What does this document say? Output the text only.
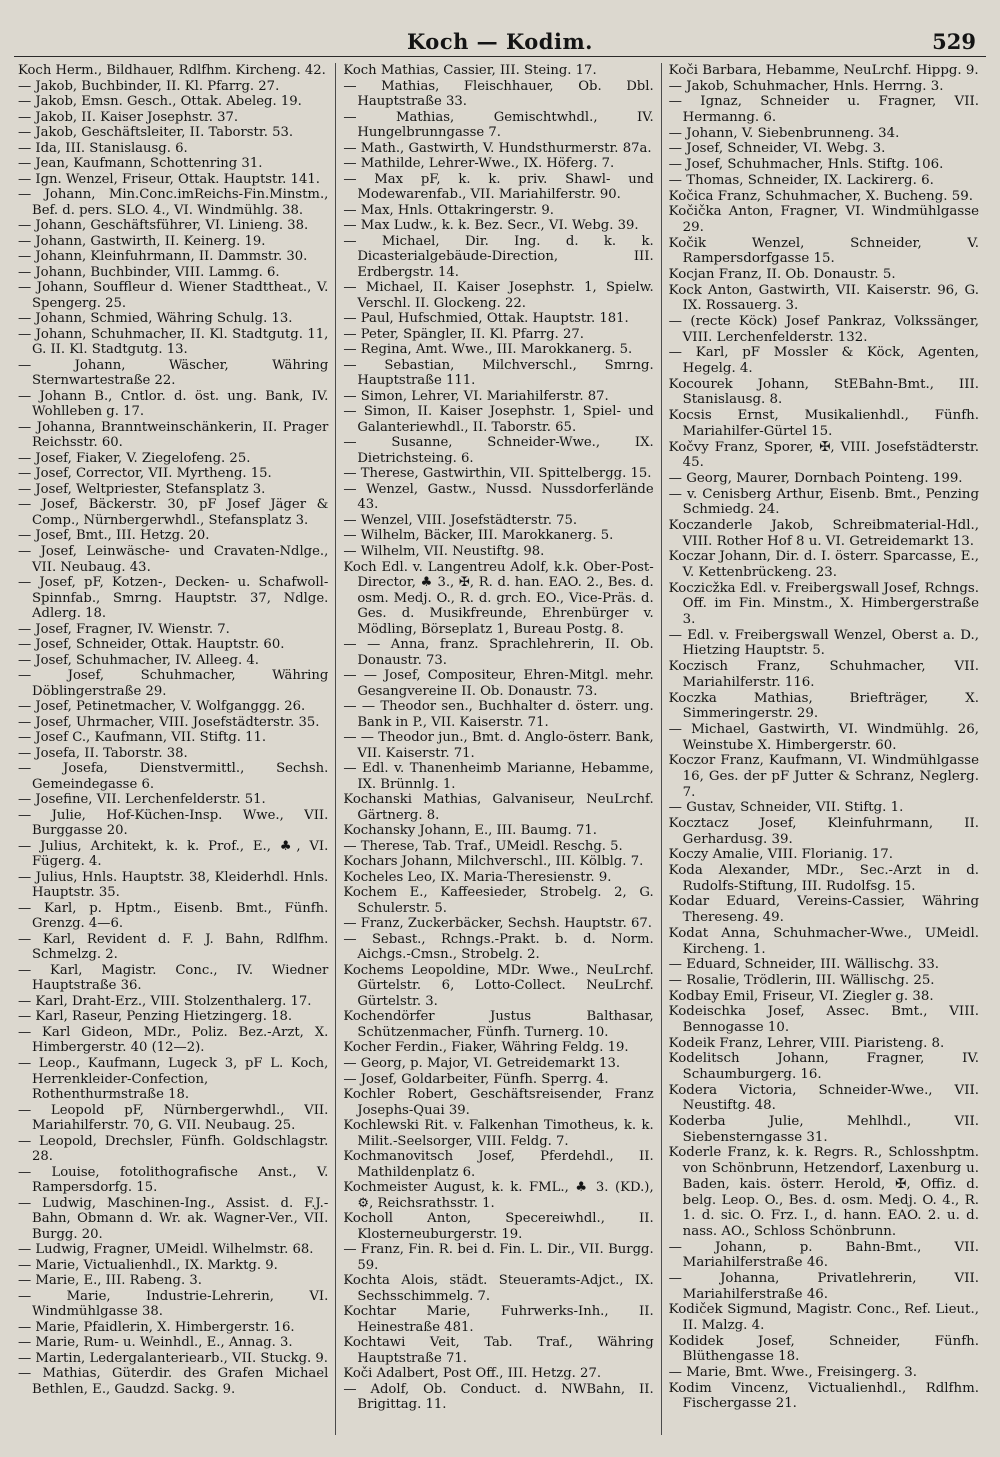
Koch — Kodim.	529

Koch Herm., Bildhauer, Rdlfhm. Kircheng. 42.

— Jakob, Buchbinder, II. Kl. Pfarrg. 27.

— Jakob, Emsn. Gesch., Ottak. Abeleg. 19.

— Jakob, II. Kaiser Josephstr. 37.

— Jakob, Geschäftsleiter, II. Taborstr. 53.

— Ida, III. Stanislausg. 6.

— Jean, Kaufmann, Schottenring 31.

— Ign. Wenzel, Friseur, Ottak. Hauptstr. 141.

— Johann, Min.Conc.imReichs-Fin.Minstm., Bef. d. pers. SLO. 4., VI. Windmühlg. 38.

— Johann, Geschäftsführer, VI. Linieng. 38.

— Johann, Gastwirth, II. Keinerg. 19.

— Johann, Kleinfuhrmann, II. Dammstr. 30.

— Johann, Buchbinder, VIII. Lammg. 6.

— Johann, Souffleur d. Wiener Stadttheat., V. Spengerg. 25.

— Johann, Schmied, Währing Schulg. 13.

— Johann, Schuhmacher, II. Kl. Stadtgutg. 11, G. II. Kl. Stadtgutg. 13.

— Johann, Wäscher, Währing Sternwartestraße 22.

— Johann B., Cntlor. d. öst. ung. Bank, IV. Wohlleben g. 17.

— Johanna, Branntweinschänkerin, II. Prager Reichsstr. 60.

— Josef, Fiaker, V. Ziegelofeng. 25.

— Josef, Corrector, VII. Myrtheng. 15.

— Josef, Weltpriester, Stefansplatz 3.

— Josef, Bäckerstr. 30, pF Josef Jäger & Comp., Nürnbergerwhdl., Stefansplatz 3.

— Josef, Bmt., III. Hetzg. 20.

— Josef, Leinwäsche- und Cravaten-Ndlge., VII. Neubaug. 43.

— Josef, pF, Kotzen-, Decken- u. Schafwoll-Spinnfab., Smrng. Hauptstr. 37, Ndlge. Adlerg. 18.

— Josef, Fragner, IV. Wienstr. 7.

— Josef, Schneider, Ottak. Hauptstr. 60.

— Josef, Schuhmacher, IV. Alleeg. 4.

— Josef, Schuhmacher, Währing Döblingerstraße 29.

— Josef, Petinetmacher, V. Wolfganggg. 26.

— Josef, Uhrmacher, VIII. Josefstädterstr. 35.

— Josef C., Kaufmann, VII. Stiftg. 11.

— Josefa, II. Taborstr. 38.

— Josefa, Dienstvermittl., Sechsh. Gemeindegasse 6.

— Josefine, VII. Lerchenfelderstr. 51.

— Julie, Hof-Küchen-Insp. Wwe., VII. Burggasse 20.

— Julius, Architekt, k. k. Prof., E., ♣, VI. Fügerg. 4.

— Julius, Hnls. Hauptstr. 38, Kleiderhdl. Hnls. Hauptstr. 35.

— Karl, p. Hptm., Eisenb. Bmt., Fünfh. Grenzg. 4—6.

— Karl, Revident d. F. J. Bahn, Rdlfhm. Schmelzg. 2.

— Karl, Magistr. Conc., IV. Wiedner Hauptstraße 36.

— Karl, Draht-Erz., VIII. Stolzenthalerg. 17.

— Karl, Raseur, Penzing Hietzingerg. 18.

— Karl Gideon, MDr., Poliz. Bez.-Arzt, X. Himbergerstr. 40 (12—2).

— Leop., Kaufmann, Lugeck 3, pF L. Koch, Herrenkleider-Confection, Rothenthurmstraße 18.

— Leopold pF, Nürnbergerwhdl., VII. Mariahilferstr. 70, G. VII. Neubaug. 25.

— Leopold, Drechsler, Fünfh. Goldschlagstr. 28.

— Louise, fotolithografische Anst., V. Rampersdorfg. 15.

— Ludwig, Maschinen-Ing., Assist. d. F.J.-Bahn, Obmann d. Wr. ak. Wagner-Ver., VII. Burgg. 20.

— Ludwig, Fragner, UMeidl. Wilhelmstr. 68.

— Marie, Victualienhdl., IX. Marktg. 9.

— Marie, E., III. Rabeng. 3.

— Marie, Industrie-Lehrerin, VI. Windmühlgasse 38.

— Marie, Pfaidlerin, X. Himbergerstr. 16.

— Marie, Rum- u. Weinhdl., E., Annag. 3.

— Martin, Ledergalanteriearb., VII. Stuckg. 9.

— Mathias, Güterdir. des Grafen Michael Bethlen, E., Gaudzd. Sackg. 9.

Koch Mathias, Cassier, III. Steing. 17.

— Mathias, Fleischhauer, Ob. Dbl. Hauptstraße 33.

— Mathias, Gemischtwhdl., IV. Hungelbrunngasse 7.

— Math., Gastwirth, V. Hundsthurmerstr. 87a.

— Mathilde, Lehrer-Wwe., IX. Höferg. 7.

— Max pF, k. k. priv. Shawl- und Modewarenfab., VII. Mariahilferstr. 90.

— Max, Hnls. Ottakringerstr. 9.

— Max Ludw., k. k. Bez. Secr., VI. Webg. 39.

— Michael, Dir. Ing. d. k. k. Dicasterialgebäude-Direction, III. Erdbergstr. 14.

— Michael, II. Kaiser Josephstr. 1, Spielw. Verschl. II. Glockeng. 22.

— Paul, Hufschmied, Ottak. Hauptstr. 181.

— Peter, Spängler, II. Kl. Pfarrg. 27.

— Regina, Amt. Wwe., III. Marokkanerg. 5.

— Sebastian, Milchverschl., Smrng. Hauptstraße 111.

— Simon, Lehrer, VI. Mariahilferstr. 87.

— Simon, II. Kaiser Josephstr. 1, Spiel- und Galanteriewhdl., II. Taborstr. 65.

— Susanne, Schneider-Wwe., IX. Dietrichsteing. 6.

— Therese, Gastwirthin, VII. Spittelbergg. 15.

— Wenzel, Gastw., Nussd. Nussdorferlände 43.

— Wenzel, VIII. Josefstädterstr. 75.

— Wilhelm, Bäcker, III. Marokkanerg. 5.

— Wilhelm, VII. Neustiftg. 98.

Koch Edl. v. Langentreu Adolf, k.k. Ober-Post-Director, ♣ 3., ✠, R. d. han. EAO. 2., Bes. d. osm. Medj. O., R. d. grch. EO., Vice-Präs. d. Ges. d. Musikfreunde, Ehrenbürger v. Mödling, Börseplatz 1, Bureau Postg. 8.

— — Anna, franz. Sprachlehrerin, II. Ob. Donaustr. 73.

— — Josef, Compositeur, Ehren-Mitgl. mehr. Gesangvereine II. Ob. Donaustr. 73.

— — Theodor sen., Buchhalter d. österr. ung. Bank in P., VII. Kaiserstr. 71.

— — Theodor jun., Bmt. d. Anglo-österr. Bank, VII. Kaiserstr. 71.

— Edl. v. Thanenheimb Marianne, Hebamme, IX. Brünnlg. 1.

Kochanski Mathias, Galvaniseur, NeuLrchf. Gärtnerg. 8.

Kochansky Johann, E., III. Baumg. 71.

— Therese, Tab. Traf., UMeidl. Reschg. 5.

Kochars Johann, Milchverschl., III. Kölblg. 7.

Kocheles Leo, IX. Maria-Theresienstr. 9.

Kochem E., Kaffeesieder, Strobelg. 2, G. Schulerstr. 5.

— Franz, Zuckerbäcker, Sechsh. Hauptstr. 67.

— Sebast., Rchngs.-Prakt. b. d. Norm. Aichgs.-Cmsn., Strobelg. 2.

Kochems Leopoldine, MDr. Wwe., NeuLrchf. Gürtelstr. 6, Lotto-Collect. NeuLrchf. Gürtelstr. 3.

Kochendörfer Justus Balthasar, Schützenmacher, Fünfh. Turnerg. 10.

Kocher Ferdin., Fiaker, Währing Feldg. 19.

— Georg, p. Major, VI. Getreidemarkt 13.

— Josef, Goldarbeiter, Fünfh. Sperrg. 4.

Kochler Robert, Geschäftsreisender, Franz Josephs-Quai 39.

Kochlewski Rit. v. Falkenhan Timotheus, k. k. Milit.-Seelsorger, VIII. Feldg. 7.

Kochmanovitsch Josef, Pferdehdl., II. Mathildenplatz 6.

Kochmeister August, k. k. FML., ♣ 3. (KD.), ⚙, Reichsrathsstr. 1.

Kocholl Anton, Specereiwhdl., II. Klosterneuburgerstr. 19.

— Franz, Fin. R. bei d. Fin. L. Dir., VII. Burgg. 59.

Kochta Alois, städt. Steueramts-Adjct., IX. Sechsschimmelg. 7.

Kochtar Marie, Fuhrwerks-Inh., II. Heinestraße 481.

Kochtawi Veit, Tab. Traf., Währing Hauptstraße 71.

Koči Adalbert, Post Off., III. Hetzg. 27.

— Adolf, Ob. Conduct. d. NWBahn, II. Brigittag. 11.

Koči Barbara, Hebamme, NeuLrchf. Hippg. 9.

— Jakob, Schuhmacher, Hnls. Herrng. 3.

— Ignaz, Schneider u. Fragner, VII. Hermanng. 6.

— Johann, V. Siebenbrunneng. 34.

— Josef, Schneider, VI. Webg. 3.

— Josef, Schuhmacher, Hnls. Stiftg. 106.

— Thomas, Schneider, IX. Lackirerg. 6.

Kočica Franz, Schuhmacher, X. Bucheng. 59.

Kočička Anton, Fragner, VI. Windmühlgasse 29.

Kočik Wenzel, Schneider, V. Rampersdorfgasse 15.

Kocjan Franz, II. Ob. Donaustr. 5.

Kock Anton, Gastwirth, VII. Kaiserstr. 96, G. IX. Rossauerg. 3.

— (recte Köck) Josef Pankraz, Volkssänger, VIII. Lerchenfelderstr. 132.

— Karl, pF Mossler & Köck, Agenten, Hegelg. 4.

Kocourek Johann, StEBahn-Bmt., III. Stanislausg. 8.

Kocsis Ernst, Musikalienhdl., Fünfh. Mariahilfer-Gürtel 15.

Kočvy Franz, Sporer, ✠, VIII. Josefstädterstr. 45.

— Georg, Maurer, Dornbach Pointeng. 199.

— v. Cenisberg Arthur, Eisenb. Bmt., Penzing Schmiedg. 24.

Koczanderle Jakob, Schreibmaterial-Hdl., VIII. Rother Hof 8 u. VI. Getreidemarkt 13.

Koczar Johann, Dir. d. I. österr. Sparcasse, E., V. Kettenbrückeng. 23.

Koczicžka Edl. v. Freibergswall Josef, Rchngs. Off. im Fin. Minstm., X. Himbergerstraße 3.

— Edl. v. Freibergswall Wenzel, Oberst a. D., Hietzing Hauptstr. 5.

Koczisch Franz, Schuhmacher, VII. Mariahilferstr. 116.

Koczka Mathias, Briefträger, X. Simmeringerstr. 29.

— Michael, Gastwirth, VI. Windmühlg. 26, Weinstube X. Himbergerstr. 60.

Koczor Franz, Kaufmann, VI. Windmühlgasse 16, Ges. der pF Jutter & Schranz, Neglerg. 7.

— Gustav, Schneider, VII. Stiftg. 1.

Kocztacz Josef, Kleinfuhrmann, II. Gerhardusg. 39.

Koczy Amalie, VIII. Florianig. 17.

Koda Alexander, MDr., Sec.-Arzt in d. Rudolfs-Stiftung, III. Rudolfsg. 15.

Kodar Eduard, Vereins-Cassier, Währing Thereseng. 49.

Kodat Anna, Schuhmacher-Wwe., UMeidl. Kircheng. 1.

— Eduard, Schneider, III. Wällischg. 33.

— Rosalie, Trödlerin, III. Wällischg. 25.

Kodbay Emil, Friseur, VI. Ziegler g. 38.

Kodeischka Josef, Assec. Bmt., VIII. Bennogasse 10.

Kodeik Franz, Lehrer, VIII. Piaristeng. 8.

Kodelitsch Johann, Fragner, IV. Schaumburgerg. 16.

Kodera Victoria, Schneider-Wwe., VII. Neustiftg. 48.

Koderba Julie, Mehlhdl., VII. Siebensterngasse 31.

Koderle Franz, k. k. Regrs. R., Schlosshptm. von Schönbrunn, Hetzendorf, Laxenburg u. Baden, kais. österr. Herold, ✠, Offiz. d. belg. Leop. O., Bes. d. osm. Medj. O. 4., R. 1. d. sic. O. Frz. I., d. hann. EAO. 2. u. d. nass. AO., Schloss Schönbrunn.

— Johann, p. Bahn-Bmt., VII. Mariahilferstraße 46.

— Johanna, Privatlehrerin, VII. Mariahilferstraße 46.

Kodiček Sigmund, Magistr. Conc., Ref. Lieut., II. Malzg. 4.

Kodidek Josef, Schneider, Fünfh. Blüthengasse 18.

— Marie, Bmt. Wwe., Freisingerg. 3.

Kodim Vincenz, Victualienhdl., Rdlfhm. Fischergasse 21.
